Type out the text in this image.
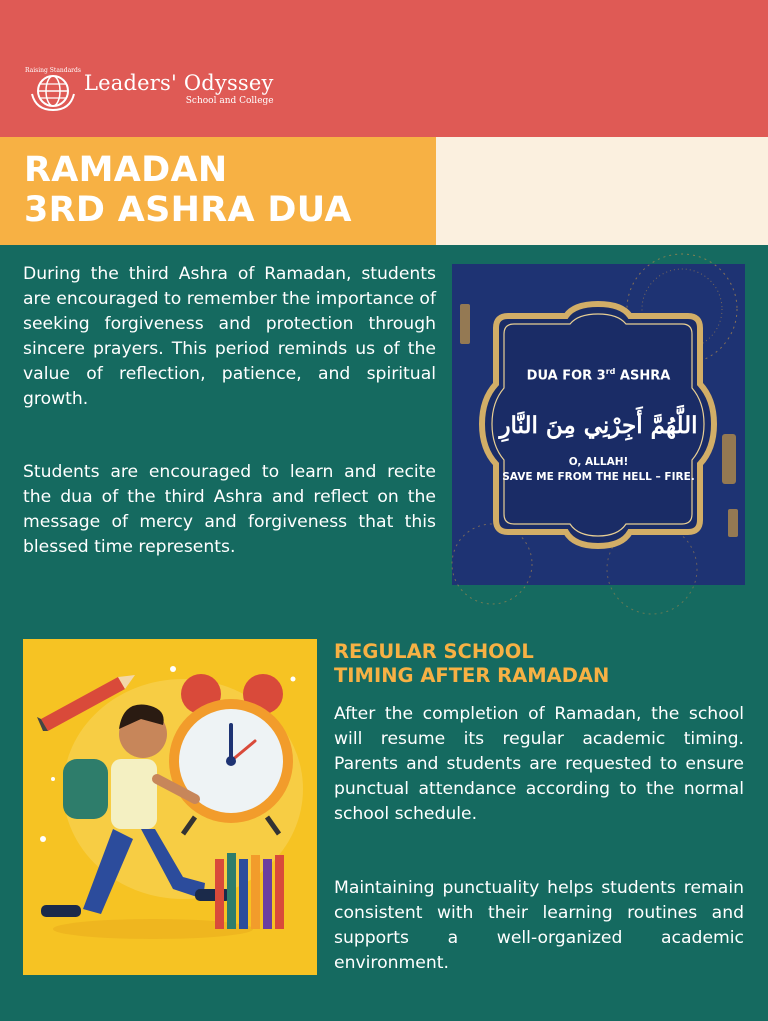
Raising Standards
Leaders' Odyssey
School and College
RAMADAN
3RD ASHRA DUA
During the third Ashra of Ramadan, students are encouraged to remember the importance of seeking forgiveness and protection through sincere prayers. This period reminds us of the value of reflection, patience, and spiritual growth.
Students are encouraged to learn and recite the dua of the third Ashra and reflect on the message of mercy and forgiveness that this blessed time represents.
DUA FOR 3rd ASHRA
اللَّهُمَّ أَجِرْنِي مِنَ النَّارِ
O, ALLAH!
SAVE ME FROM THE HELL – FIRE.
REGULAR SCHOOL
TIMING AFTER RAMADAN
After the completion of Ramadan, the school will resume its regular academic timing. Parents and students are requested to ensure punctual attendance according to the normal school schedule.
Maintaining punctuality helps students remain consistent with their learning routines and supports a well-organized academic environment.
